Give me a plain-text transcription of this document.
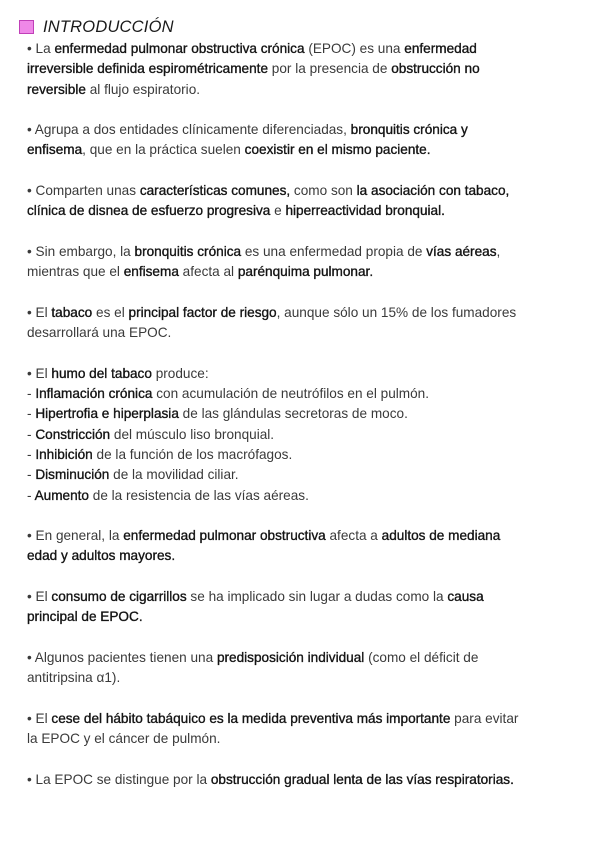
INTRODUCCIÓN
• La enfermedad pulmonar obstructiva crónica (EPOC) es una enfermedad
irreversible definida espirométricamente por la presencia de obstrucción no
reversible al flujo espiratorio.
• Agrupa a dos entidades clínicamente diferenciadas, bronquitis crónica y
enfisema, que en la práctica suelen coexistir en el mismo paciente.
• Comparten unas características comunes, como son la asociación con tabaco,
clínica de disnea de esfuerzo progresiva e hiperreactividad bronquial.
• Sin embargo, la bronquitis crónica es una enfermedad propia de vías aéreas,
mientras que el enfisema afecta al parénquima pulmonar.
• El tabaco es el principal factor de riesgo, aunque sólo un 15% de los fumadores
desarrollará una EPOC.
• El humo del tabaco produce:
- Inflamación crónica con acumulación de neutrófilos en el pulmón.
- Hipertrofia e hiperplasia de las glándulas secretoras de moco.
- Constricción del músculo liso bronquial.
- Inhibición de la función de los macrófagos.
- Disminución de la movilidad ciliar.
- Aumento de la resistencia de las vías aéreas.
• En general, la enfermedad pulmonar obstructiva afecta a adultos de mediana
edad y adultos mayores.
• El consumo de cigarrillos se ha implicado sin lugar a dudas como la causa
principal de EPOC.
• Algunos pacientes tienen una predisposición individual (como el déficit de
antitripsina α1).
• El cese del hábito tabáquico es la medida preventiva más importante para evitar
la EPOC y el cáncer de pulmón.
• La EPOC se distingue por la obstrucción gradual lenta de las vías respiratorias.
